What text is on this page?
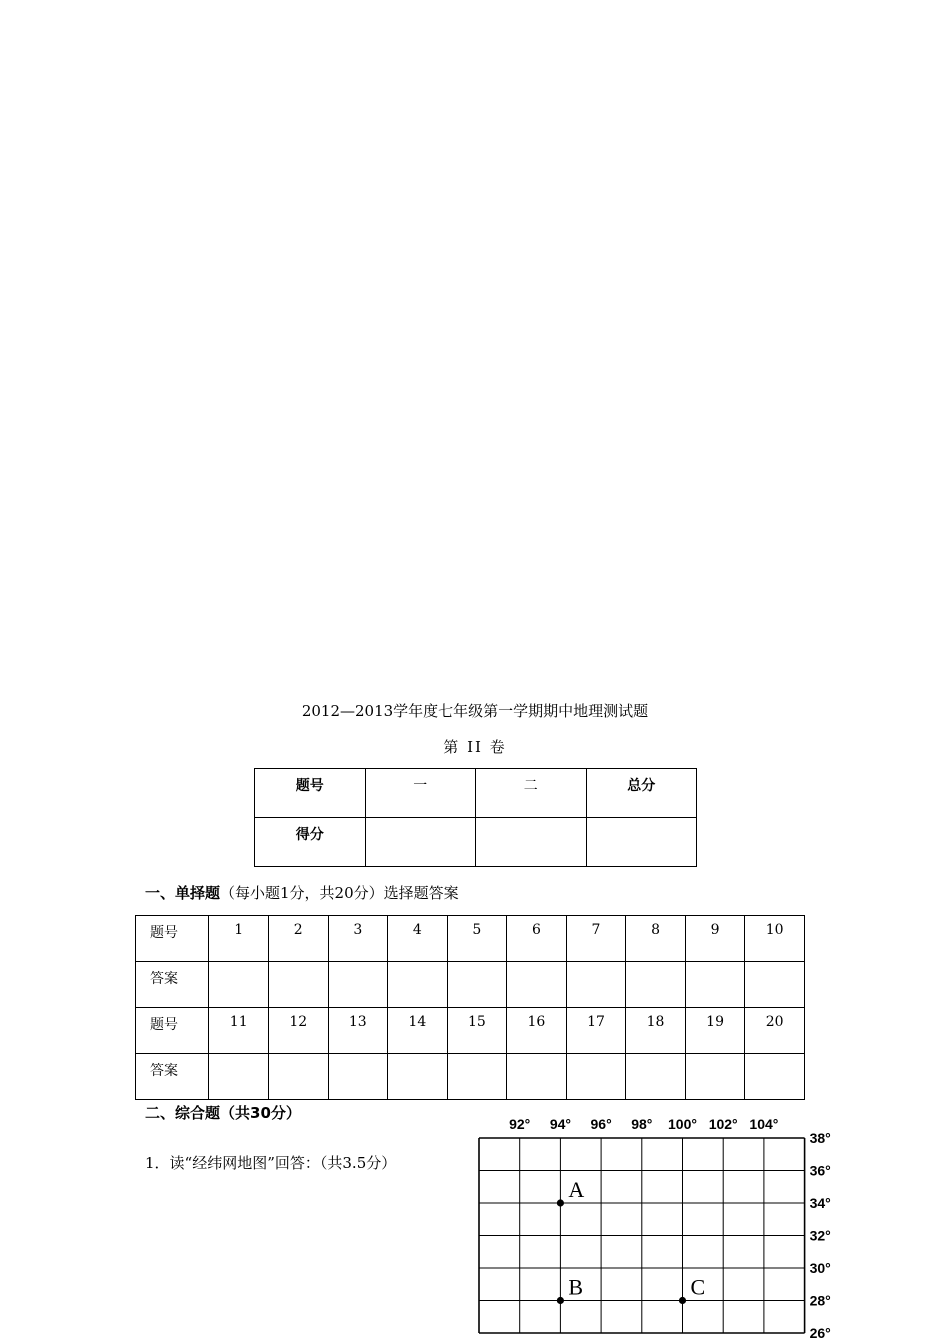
2012—2013学年度七年级第一学期期中地理测试题
第 II 卷
题号	一	二	总分
得分			
一、单择题（每小题1分，共20分）选择题答案
题号	1	2	3	4	5	6	7	8	9	10
答案										
题号	11	12	13	14	15	16	17	18	19	20
答案										
二、综合题（共30分）
1．读“经纬网地图”回答：（共3.5分）
92° 94° 96° 98° 100° 102° 104°
38°
36°
34°
32°
30°
28°
26°
A
B	C
